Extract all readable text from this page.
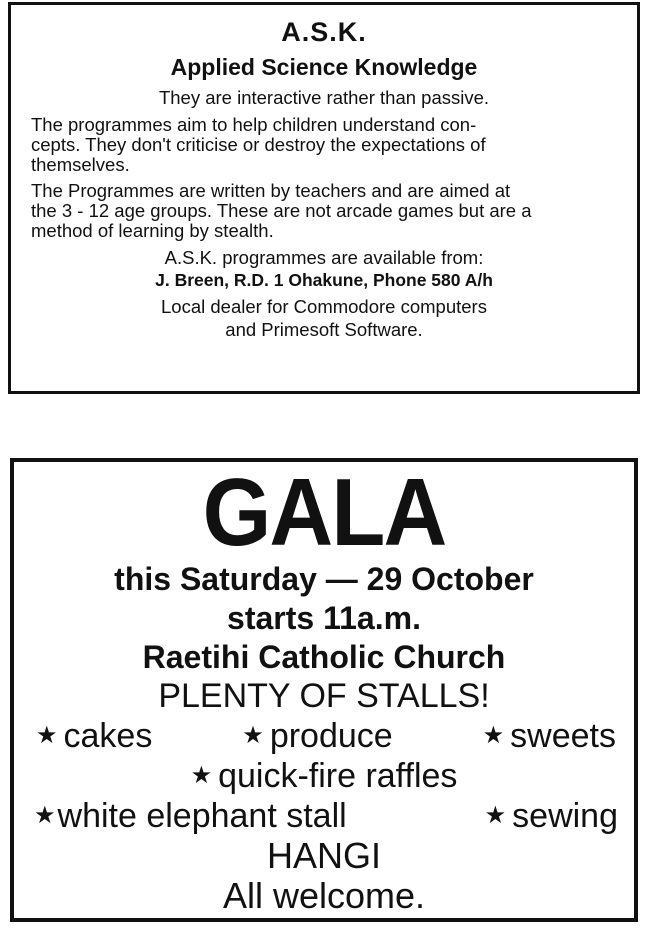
A.S.K.
Applied Science Knowledge
They are interactive rather than passive.
The programmes aim to help children understand con-
cepts. They don't criticise or destroy the expectations of
themselves.
The Programmes are written by teachers and are aimed at
the 3 - 12 age groups. These are not arcade games but are a
method of learning by stealth.
A.S.K. programmes are available from:
J. Breen, R.D. 1 Ohakune, Phone 580 A/h
Local dealer for Commodore computers
and Primesoft Software.
GALA
this Saturday — 29 October
starts 11a.m.
Raetihi Catholic Church
PLENTY OF STALLS!
★ cakes	★ produce	★ sweets
★ quick-fire raffles
★white elephant stall	★ sewing
HANGI
All welcome.
